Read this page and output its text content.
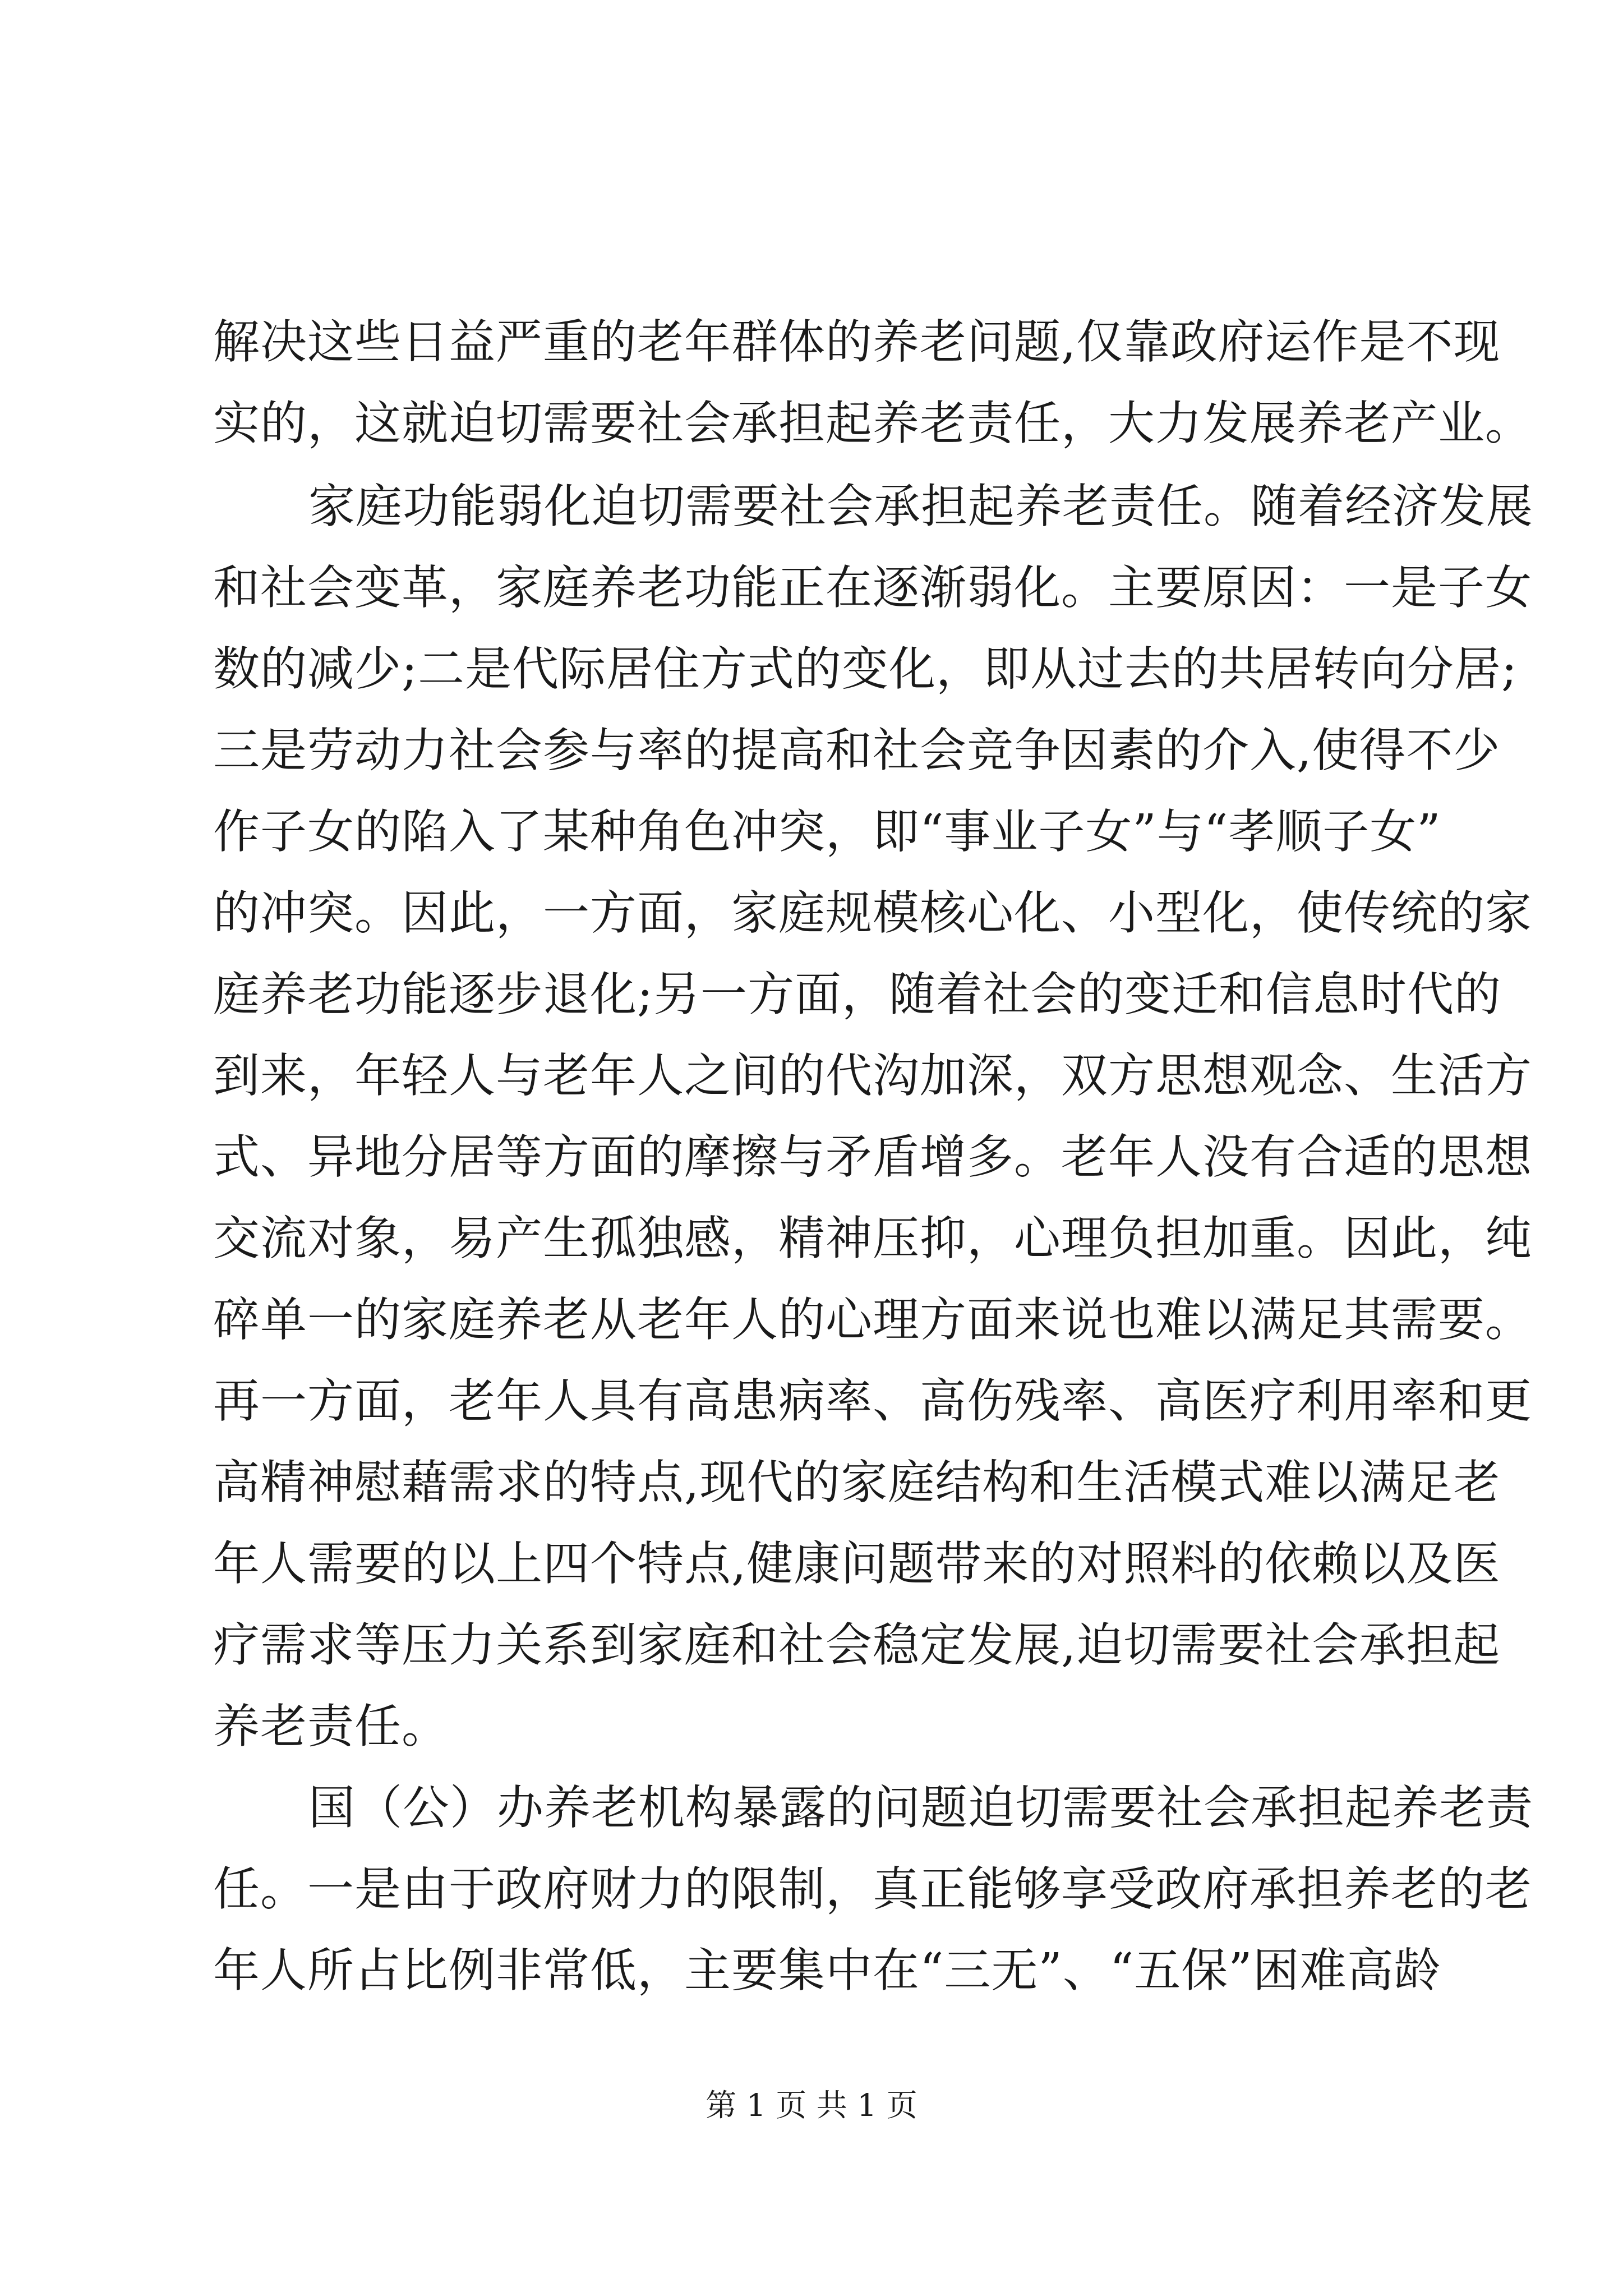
解决这些日益严重的老年群体的养老问题,仅靠政府运作是不现
实的，这就迫切需要社会承担起养老责任，大力发展养老产业。
家庭功能弱化迫切需要社会承担起养老责任。随着经济发展
和社会变革，家庭养老功能正在逐渐弱化。主要原因：一是子女
数的减少;二是代际居住方式的变化，即从过去的共居转向分居;
三是劳动力社会参与率的提高和社会竞争因素的介入,使得不少
作子女的陷入了某种角色冲突，即“事业子女”与“孝顺子女”
的冲突。因此，一方面，家庭规模核心化、小型化，使传统的家
庭养老功能逐步退化;另一方面，随着社会的变迁和信息时代的
到来，年轻人与老年人之间的代沟加深，双方思想观念、生活方
式、异地分居等方面的摩擦与矛盾增多。老年人没有合适的思想
交流对象，易产生孤独感，精神压抑，心理负担加重。因此，纯
碎单一的家庭养老从老年人的心理方面来说也难以满足其需要。
再一方面，老年人具有高患病率、高伤残率、高医疗利用率和更
高精神慰藉需求的特点,现代的家庭结构和生活模式难以满足老
年人需要的以上四个特点,健康问题带来的对照料的依赖以及医
疗需求等压力关系到家庭和社会稳定发展,迫切需要社会承担起
养老责任。
国（公）办养老机构暴露的问题迫切需要社会承担起养老责
任。一是由于政府财力的限制，真正能够享受政府承担养老的老
年人所占比例非常低，主要集中在“三无”、“五保”困难高龄
第 1 页 共 1 页
